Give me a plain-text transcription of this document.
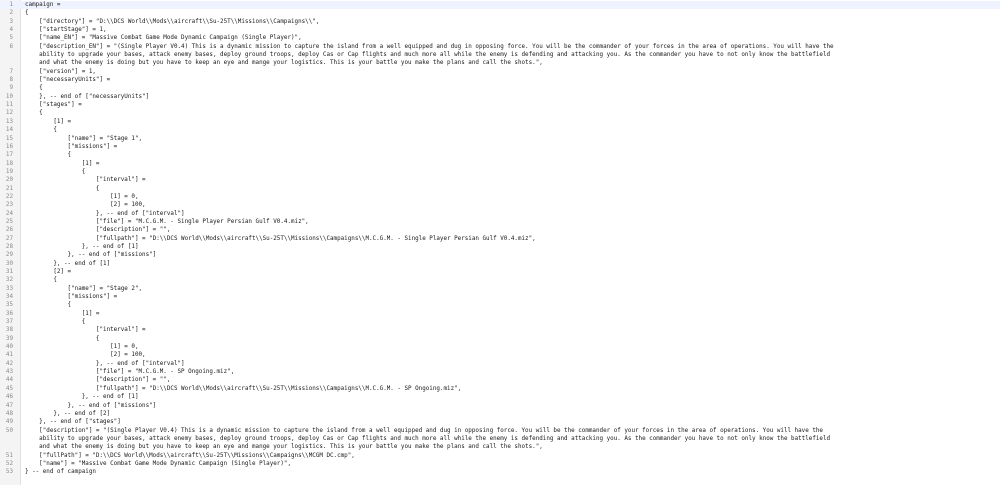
1 campaign =
2 {
3 ["directory"] = "D:\\DCS World\\Mods\\aircraft\\Su-25T\\Missions\\Campaigns\\",
4 ["startStage"] = 1,
5 ["name_EN"] = "Massive Combat Game Mode Dynamic Campaign (Single Player)",
6 ["description_EN"] = "(Single Player V0.4) This is a dynamic mission to capture the island from a well equipped and dug in opposing force. You will be the commander of your forces in the area of operations. You will have the
ability to upgrade your bases, attack enemy bases, deploy ground troops, deploy Cas or Cap flights and much more all while the enemy is defending and attacking you. As the commander you have to not only know the battlefield
and what the enemy is doing but you have to keep an eye and mange your logistics. This is your battle you make the plans and call the shots.",
7 ["version"] = 1,
8 ["necessaryUnits"] =
9 {
10 }, -- end of ["necessaryUnits"]
11 ["stages"] =
12 {
13 [1] =
14 {
15 ["name"] = "Stage 1",
16 ["missions"] =
17 {
18 [1] =
19 {
20 ["interval"] =
21 {
22 [1] = 0,
23 [2] = 100,
24 }, -- end of ["interval"]
25 ["file"] = "M.C.G.M. - Single Player Persian Gulf V0.4.miz",
26 ["description"] = "",
27 ["fullpath"] = "D:\\DCS World\\Mods\\aircraft\\Su-25T\\Missions\\Campaigns\\M.C.G.M. - Single Player Persian Gulf V0.4.miz",
28 }, -- end of [1]
29 }, -- end of ["missions"]
30 }, -- end of [1]
31 [2] =
32 {
33 ["name"] = "Stage 2",
34 ["missions"] =
35 {
36 [1] =
37 {
38 ["interval"] =
39 {
40 [1] = 0,
41 [2] = 100,
42 }, -- end of ["interval"]
43 ["file"] = "M.C.G.M. - SP Ongoing.miz",
44 ["description"] = "",
45 ["fullpath"] = "D:\\DCS World\\Mods\\aircraft\\Su-25T\\Missions\\Campaigns\\M.C.G.M. - SP Ongoing.miz",
46 }, -- end of [1]
47 }, -- end of ["missions"]
48 }, -- end of [2]
49 }, -- end of ["stages"]
50 ["description"] = "(Single Player V0.4) This is a dynamic mission to capture the island from a well equipped and dug in opposing force. You will be the commander of your forces in the area of operations. You will have the
ability to upgrade your bases, attack enemy bases, deploy ground troops, deploy Cas or Cap flights and much more all while the enemy is defending and attacking you. As the commander you have to not only know the battlefield
and what the enemy is doing but you have to keep an eye and mange your logistics. This is your battle you make the plans and call the shots.",
51 ["fullPath"] = "D:\\DCS World\\Mods\\aircraft\\Su-25T\\Missions\\Campaigns\\MCGM DC.cmp",
52 ["name"] = "Massive Combat Game Mode Dynamic Campaign (Single Player)",
53 } -- end of campaign
